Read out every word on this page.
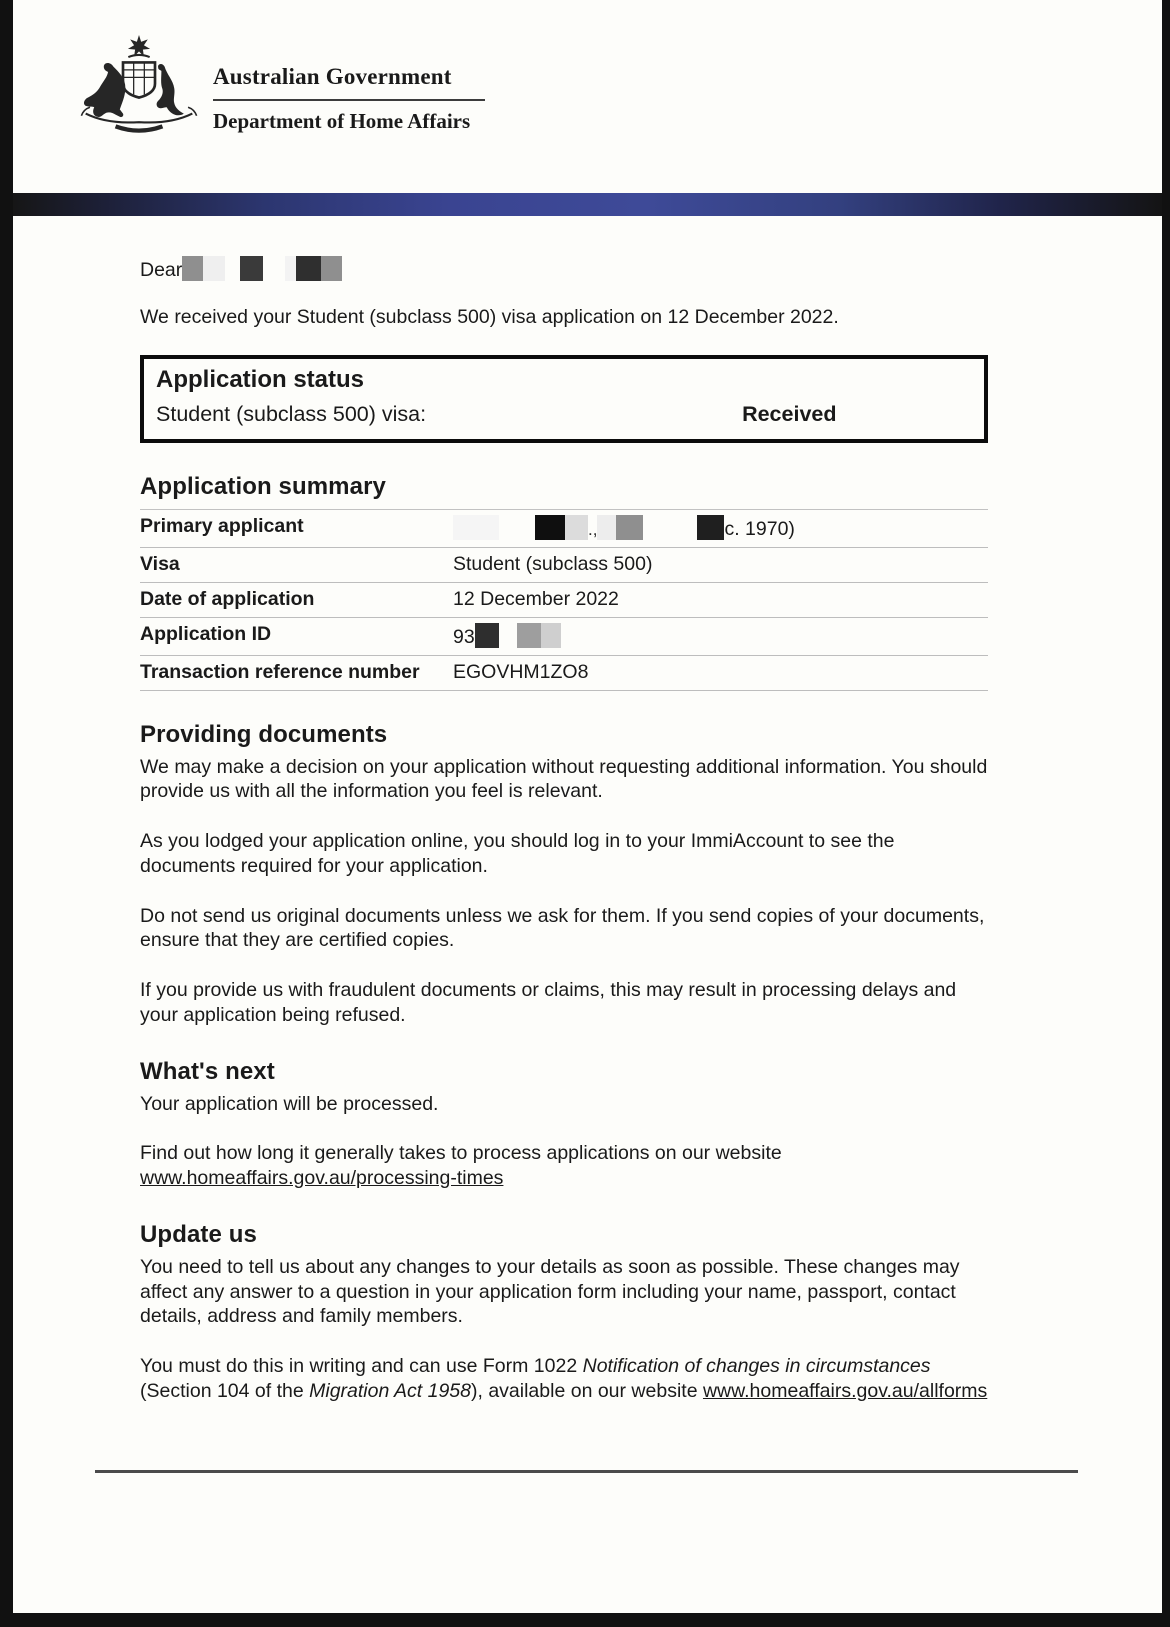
Australian Government
Department of Home Affairs

Dear

We received your Student (subclass 500) visa application on 12 December 2022.

Application status
Student (subclass 500) visa:	Received
Application summary
Primary applicant	.,	c. 1970)
Visa	Student (subclass 500)
Date of application	12 December 2022
Application ID	93
Transaction reference number	EGOVHM1ZO8
Providing documents

We may make a decision on your application without requesting additional information. You should provide us with all the information you feel is relevant.

As you lodged your application online, you should log in to your ImmiAccount to see the documents required for your application.

Do not send us original documents unless we ask for them. If you send copies of your documents, ensure that they are certified copies.

If you provide us with fraudulent documents or claims, this may result in processing delays and your application being refused.

What's next

Your application will be processed.

Find out how long it generally takes to process applications on our website www.homeaffairs.gov.au/processing-times

Update us

You need to tell us about any changes to your details as soon as possible. These changes may affect any answer to a question in your application form including your name, passport, contact details, address and family members.

You must do this in writing and can use Form 1022 Notification of changes in circumstances (Section 104 of the Migration Act 1958), available on our website www.homeaffairs.gov.au/allforms
